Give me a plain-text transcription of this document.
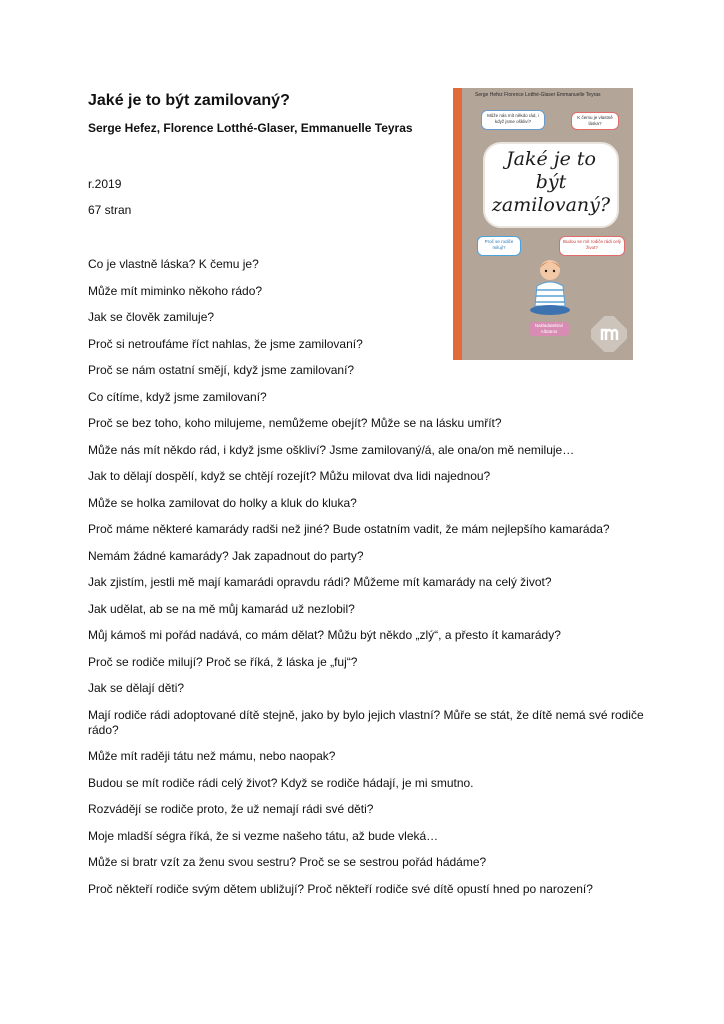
Jaké je to být zamilovaný?

Serge Hefez, Florence Lotthé-Glaser, Emmanuelle Teyras

r.2019

67 stran

Co je vlastně láska? K čemu je?
Může mít miminko někoho rádo?
Jak se člověk zamiluje?
Proč si netroufáme říct nahlas, že jsme zamilovaní?
Proč se nám ostatní smějí, když jsme zamilovaní?
Co cítíme, když jsme zamilovaní?
Proč se bez toho, koho milujeme, nemůžeme obejít? Může se na lásku umřít?
Může nás mít někdo rád, i když jsme oškliví? Jsme zamilovaný/á, ale ona/on mě nemiluje…
Jak to dělají dospělí, když se chtějí rozejít? Můžu milovat dva lidi najednou?
Může se holka zamilovat do holky a kluk do kluka?
Proč máme některé kamarády radši než jiné? Bude ostatním vadit, že mám nejlepšího kamaráda?
Nemám žádné kamarády? Jak zapadnout do party?
Jak zjistím, jestli mě mají kamarádi opravdu rádi? Můžeme mít kamarády na celý život?
Jak udělat, ab se na mě můj kamarád už nezlobil?
Můj kámoš mi pořád nadává, co mám dělat? Můžu být někdo „zlý“, a přesto ít kamarády?
Proč se rodiče milují? Proč se říká, ž láska je „fuj“?
Jak se dělají děti?
Mají rodiče rádi adoptované dítě stejně, jako by bylo jejich vlastní? Můře se stát, že dítě nemá své rodiče rádo?
Může mít raději tátu než mámu, nebo naopak?
Budou se mít rodiče rádi celý život? Když se rodiče hádají, je mi smutno.
Rozvádějí se rodiče proto, že už nemají rádi své děti?
Moje mladší ségra říká, že si vezme našeho tátu, až bude vleká…
Může si bratr vzít za ženu svou sestru? Proč se se sestrou pořád hádáme?
Proč někteří rodiče svým dětem ubližují? Proč někteří rodiče své dítě opustí hned po narození?
Serge Hefez Florence Lotthé-Glaser Emmanuelle Teyras
Může nás mít někdo rád, i když jsme oškliví?
K čemu je vlastně láska?
Jaké je to
být
zamilovaný?
Proč se rodiče milují?
Budou se mít rodiče rádi celý život?
Nakladatelství Albatros
